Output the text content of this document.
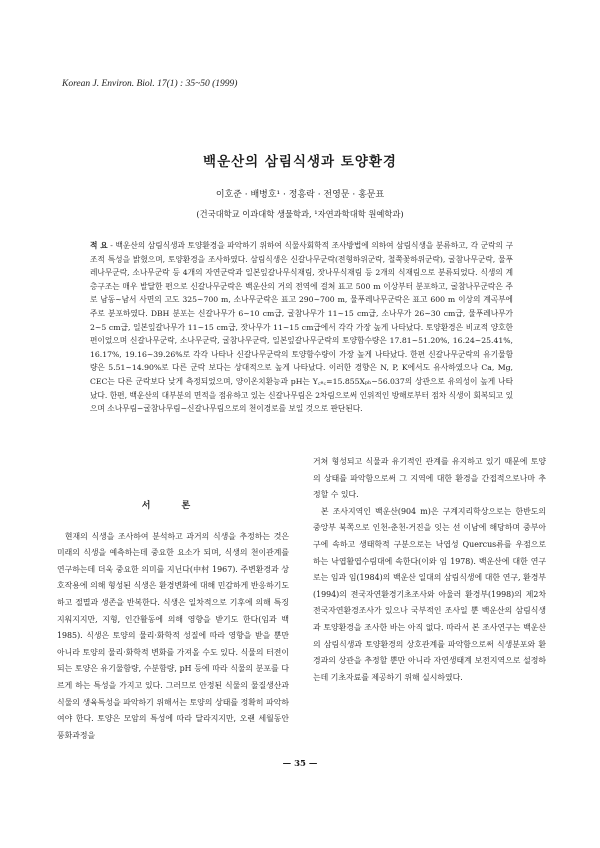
Korean J. Environ. Biol. 17(1) : 35~50 (1999)
백운산의 삼림식생과 토양환경
이호준 · 배병호¹ · 정흥락 · 전영문 · 홍문표
(건국대학교 이과대학 생물학과, ¹자연과학대학 원예학과)
적 요 - 백운산의 삼림식생과 토양환경을 파악하기 위하여 식물사회학적 조사방법에 의하여 삼림식생을 분류하고, 각 군락의 구조적 특성을 밝혔으며, 토양환경을 조사하였다. 삼림식생은 신갈나무군락(전형하위군락, 철쭉꽃하위군락), 굴참나무군락, 물푸레나무군락, 소나무군락 등 4개의 자연군락과 일본잎갈나무식재림, 잣나무식재림 등 2개의 식재림으로 분류되었다. 식생의 계층구조는 매우 발달한 편으로 신갈나무군락은 백운산의 거의 전역에 걸쳐 표고 500 m 이상부터 분포하고, 굴참나무군락은 주로 남동~남서 사면의 고도 325~700 m, 소나무군락은 표고 290~700 m, 물푸레나무군락은 표고 600 m 이상의 계곡부에 주로 분포하였다. DBH 분포는 신갈나무가 6~10 cm급, 굴참나무가 11~15 cm급, 소나무가 26~30 cm급, 물푸레나무가 2~5 cm급, 일본잎갈나무가 11~15 cm급, 잣나무가 11~15 cm급에서 각각 가장 높게 나타났다. 토양환경은 비교적 양호한 편이었으며 신갈나무군락, 소나무군락, 굴참나무군락, 일본잎갈나무군락의 토양함수량은 17.81~51.20%, 16.24~25.41%, 16.17%, 19.16~39.26%로 각각 나타나 신갈나무군락의 토양함수량이 가장 높게 나타났다. 한편 신갈나무군락의 유기물함량은 5.51~14.90%로 다른 군락 보다는 상대적으로 높게 나타났다. 이러한 경향은 N, P, K에서도 유사하였으나 Ca, Mg, CEC는 다른 군락보다 낮게 측정되었으며, 양이온치환능과 pH는 Y꜀ₑ꜀=15.855Xₚₕ−56.037의 상관으로 유의성이 높게 나타났다. 한편, 백운산의 대부분의 면적을 점유하고 있는 신갈나무림은 2차림으로써 인위적인 방해로부터 점차 식생이 회복되고 있으며 소나무림−굴참나무림−신갈나무림으로의 천이경로를 보일 것으로 판단된다.
서 론

현재의 식생을 조사하여 분석하고 과거의 식생을 추정하는 것은 미래의 식생을 예측하는데 중요한 요소가 되며, 식생의 천이관계를 연구하는데 더욱 중요한 의미를 지닌다(中村 1967). 주변환경과 상호작용에 의해 형성된 식생은 환경변화에 대해 민감하게 반응하기도 하고 절멸과 생존을 반복한다. 식생은 일차적으로 기후에 의해 특징지워지지만, 지형, 인간활동에 의해 영향을 받기도 한다(임과 백 1985). 식생은 토양의 물리·화학적 성질에 따라 영향을 받을 뿐만 아니라 토양의 물리·화학적 변화를 가져올 수도 있다. 식물의 터전이 되는 토양은 유기물함량, 수분함량, pH 등에 따라 식물의 분포를 다르게 하는 특성을 가지고 있다. 그러므로 안정된 식물의 물질생산과 식물의 생육특성을 파악하기 위해서는 토양의 상태를 정확히 파악하여야 한다. 토양은 모암의 특성에 따라 달라지지만, 오랜 세월동안 풍화과정을

거쳐 형성되고 식물과 유기적인 관계를 유지하고 있기 때문에 토양의 상태를 파악함으로써 그 지역에 대한 환경을 간접적으로나마 추정할 수 있다.

본 조사지역인 백운산(904 m)은 구계지리학상으로는 한반도의 중앙부 북쪽으로 인천-춘천-거진을 잇는 선 이남에 해당하며 중부아구에 속하고 생태학적 구분으로는 낙엽성 Quercus류를 우점으로 하는 낙엽활엽수림대에 속한다(이와 임 1978). 백운산에 대한 연구로는 임과 임(1984)의 백운산 일대의 삼림식생에 대한 연구, 환경부(1994)의 전국자연환경기초조사와 아울러 환경부(1998)의 제2차 전국자연환경조사가 있으나 국부적인 조사일 뿐 백운산의 삼림식생과 토양환경을 조사한 바는 아직 없다. 따라서 본 조사연구는 백운산의 삼림식생과 토양환경의 상호관계를 파악함으로써 식생분포와 환경과의 상관을 추정할 뿐만 아니라 자연생태계 보전지역으로 설정하는데 기초자료를 제공하기 위해 실시하였다.

— 35 —
